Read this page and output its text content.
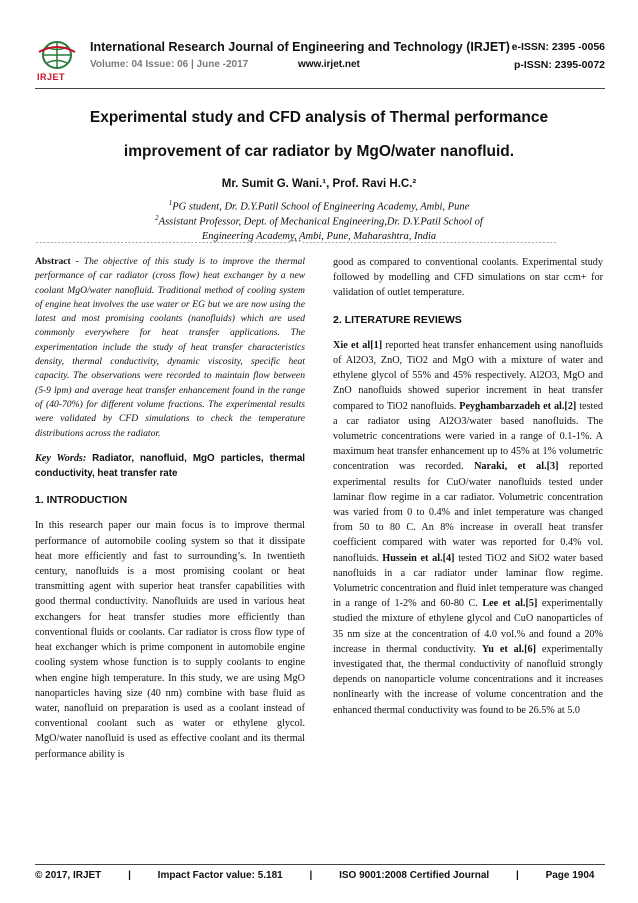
IRJET
International Research Journal of Engineering and Technology (IRJET) e-ISSN: 2395 -0056
Volume: 04 Issue: 06 | June -2017	www.irjet.net	p-ISSN: 2395-0072
Experimental study and CFD analysis of Thermal performance
improvement of car radiator by MgO/water nanofluid.
Mr. Sumit G. Wani.¹, Prof. Ravi H.C.²
$^1$PG student, Dr. D.Y.Patil School of Engineering Academy, Ambi, Pune
$^2$Assistant Professor, Dept. of Mechanical Engineering,Dr. D.Y.Patil School of
Engineering Academy, Ambi, Pune, Maharashtra, India
---------------------------------------------------------------------***---------------------------------------------------------------------

Abstract - The objective of this study is to improve the thermal performance of car radiator (cross flow) heat exchanger by a new coolant MgO/water nanofluid. Traditional method of cooling system of engine heat involves the use water or EG but we are now using the latest and most promising coolants (nanofluids) which are used commonly everywhere for heat transfer applications. The experimentation include the study of heat transfer characteristics density, thermal conductivity, dynamic viscosity, specific heat capacity. The observations were recorded to maintain flow between (5-9 lpm) and average heat transfer enhancement found in the range of (40-70%) for different volume fractions. The experimental results were validated by CFD simulations to check the temperature distributions across the radiator.

Key Words: Radiator, nanofluid, MgO particles, thermal conductivity, heat transfer rate

1. INTRODUCTION

In this research paper our main focus is to improve thermal performance of automobile cooling system so that it dissipate heat more efficiently and fast to surrounding’s. In twentieth century, nanofluids is a most promising coolant or heat transmitting agent with superior heat transfer capabilities with good thermal conductivity. Nanofluids are used in various heat exchangers for heat transfer studies more efficiently than conventional fluids or coolants. Car radiator is cross flow type of heat exchanger which is prime component in automobile engine cooling system whose function is to supply coolants to engine when engine high temperature. In this study, we are using MgO nanoparticles having size (40 nm) combine with base fluid as water, nanofluid on preparation is used as a coolant instead of conventional coolant such as water or ethylene glycol. MgO/water nanofluid is used as effective coolant and its thermal performance ability is

good as compared to conventional coolants. Experimental study followed by modelling and CFD simulations on star ccm+ for validation of outlet temperature.

2. LITERATURE REVIEWS

Xie et al[1] reported heat transfer enhancement using nanofluids of Al2O3, ZnO, TiO2 and MgO with a mixture of water and ethylene glycol of 55% and 45% respectively. Al2O3, MgO and ZnO nanofluids showed superior increment in heat transfer compared to TiO2 nanofluids. Peyghambarzadeh et al.[2] tested a car radiator using Al2O3/water based nanofluids. The volumetric concentrations were varied in a range of 0.1-1%. A maximum heat transfer enhancement up to 45% at 1% volumetric concentration was recorded. Naraki, et al.[3] reported experimental results for CuO/water nanofluids tested under laminar flow regime in a car radiator. Volumetric concentration was varied from 0 to 0.4% and inlet temperature was changed from 50 to 80 C. An 8% increase in overall heat transfer coefficient compared with water was reported for 0.4% vol. nanofluids. Hussein et al.[4] tested TiO2 and SiO2 water based nanofluids in a car radiator under laminar flow regime. Volumetric concentration and fluid inlet temperature was changed in a range of 1-2% and 60-80 C. Lee et al.[5] experimentally studied the mixture of ethylene glycol and CuO nanoparticles of 35 nm size at the concentration of 4.0 vol.% and found a 20% increase in thermal conductivity. Yu et al.[6] experimentally investigated that, the thermal conductivity of nanofluid strongly depends on nanoparticle volume concentrations and it increases nonlinearly with the increase of volume concentration and the enhanced thermal conductivity was found to be 26.5% at 5.0

© 2017, IRJET	|	Impact Factor value: 5.181	|	ISO 9001:2008 Certified Journal	|	Page 1904
